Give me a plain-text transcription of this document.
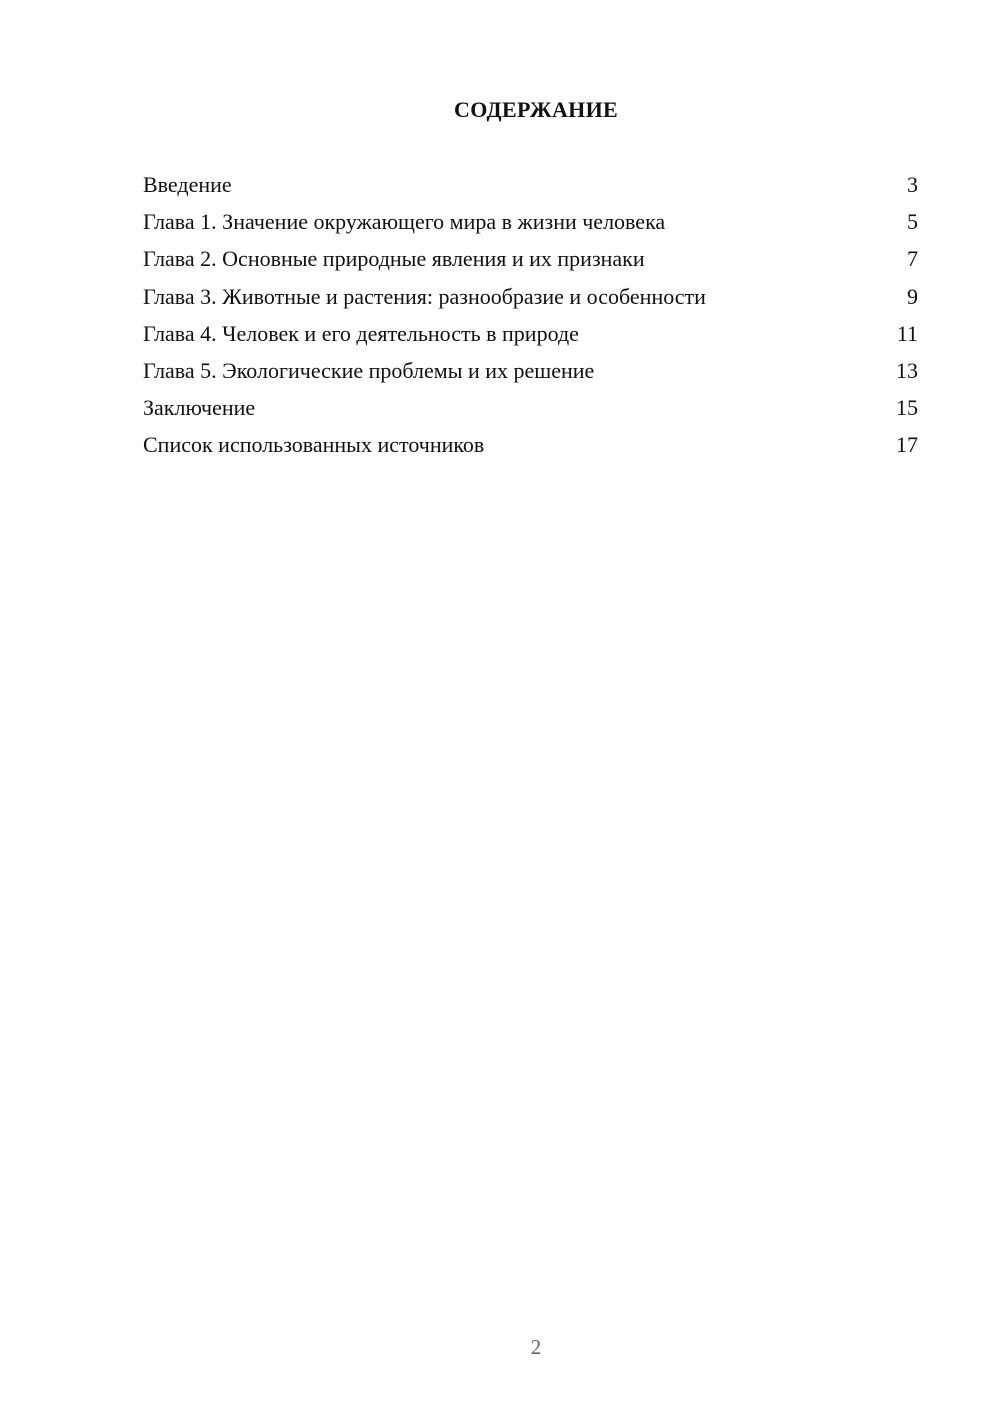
СОДЕРЖАНИЕ
Введение	3
Глава 1. Значение окружающего мира в жизни человека	5
Глава 2. Основные природные явления и их признаки	7
Глава 3. Животные и растения: разнообразие и особенности	9
Глава 4. Человек и его деятельность в природе	11
Глава 5. Экологические проблемы и их решение	13
Заключение	15
Список использованных источников	17
2
